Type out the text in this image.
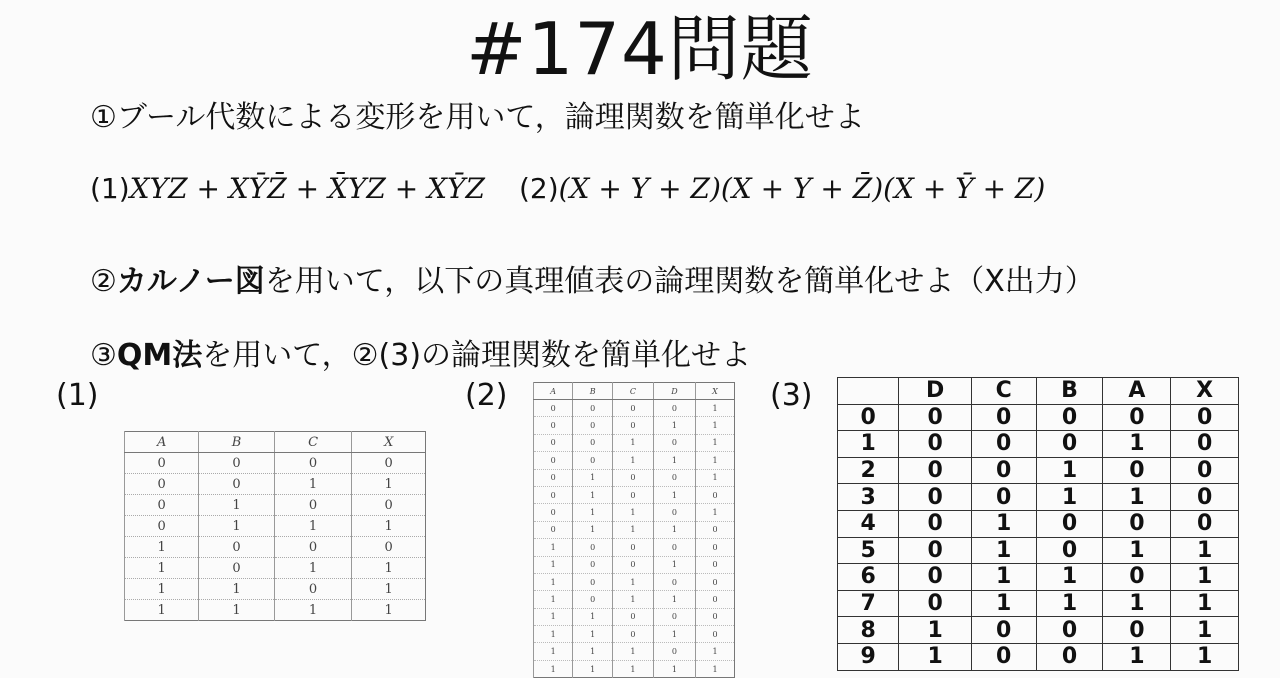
#174問題
①ブール代数による変形を用いて，論理関数を簡単化せよ
(1)XYZ + XȲZ̄ + X̄YZ + XȲZ (2)(X + Y + Z)(X + Y + Z̄)(X + Ȳ + Z)
②カルノー図を用いて，以下の真理値表の論理関数を簡単化せよ（X出力）
③QM法を用いて，②(3)の論理関数を簡単化せよ
(1)	(2)	(3)
A	B	C	X
0	0	0	0
0	0	1	1
0	1	0	0
0	1	1	1
1	0	0	0
1	0	1	1
1	1	0	1
1	1	1	1
A	B	C	D	X
0	0	0	0	1
0	0	0	1	1
0	0	1	0	1
0	0	1	1	1
0	1	0	0	1
0	1	0	1	0
0	1	1	0	1
0	1	1	1	0
1	0	0	0	0
1	0	0	1	0
1	0	1	0	0
1	0	1	1	0
1	1	0	0	0
1	1	0	1	0
1	1	1	0	1
1	1	1	1	1
	D	C	B	A	X
0	0	0	0	0	0
1	0	0	0	1	0
2	0	0	1	0	0
3	0	0	1	1	0
4	0	1	0	0	0
5	0	1	0	1	1
6	0	1	1	0	1
7	0	1	1	1	1
8	1	0	0	0	1
9	1	0	0	1	1
